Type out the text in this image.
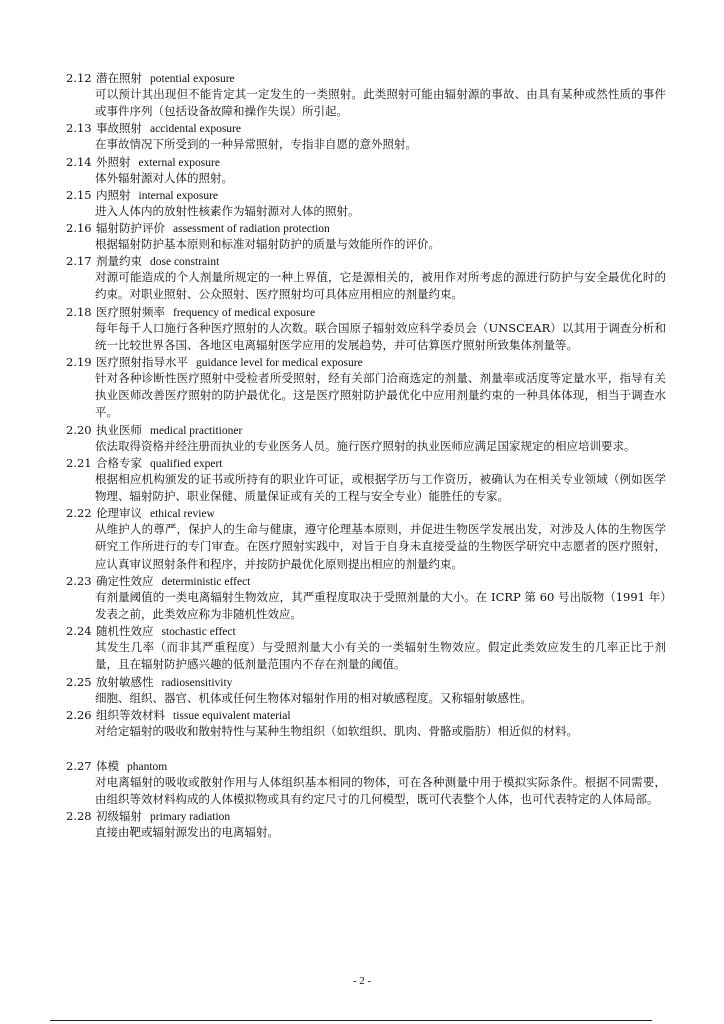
2.12 潜在照射 potential exposure
可以预计其出现但不能肯定其一定发生的一类照射。此类照射可能由辐射源的事故、由具有某种或然性质的事件或事件序列（包括设备故障和操作失误）所引起。
2.13 事故照射 accidental exposure
在事故情况下所受到的一种异常照射，专指非自愿的意外照射。
2.14 外照射 external exposure
体外辐射源对人体的照射。
2.15 内照射 internal exposure
进入人体内的放射性核素作为辐射源对人体的照射。
2.16 辐射防护评价 assessment of radiation protection
根据辐射防护基本原则和标准对辐射防护的质量与效能所作的评价。
2.17 剂量约束 dose constraint
对源可能造成的个人剂量所规定的一种上界值，它是源相关的，被用作对所考虑的源进行防护与安全最优化时的约束。对职业照射、公众照射、医疗照射均可具体应用相应的剂量约束。
2.18 医疗照射频率 frequency of medical exposure
每年每千人口施行各种医疗照射的人次数。联合国原子辐射效应科学委员会（UNSCEAR）以其用于调查分析和统一比较世界各国、各地区电离辐射医学应用的发展趋势，并可估算医疗照射所致集体剂量等。
2.19 医疗照射指导水平 guidance level for medical exposure
针对各种诊断性医疗照射中受检者所受照射，经有关部门洽商选定的剂量、剂量率或活度等定量水平，指导有关执业医师改善医疗照射的防护最优化。这是医疗照射防护最优化中应用剂量约束的一种具体体现，相当于调查水平。
2.20 执业医师 medical practitioner
依法取得资格并经注册而执业的专业医务人员。施行医疗照射的执业医师应满足国家规定的相应培训要求。
2.21 合格专家 qualified expert
根据相应机构颁发的证书或所持有的职业许可证，或根据学历与工作资历，被确认为在相关专业领域（例如医学物理、辐射防护、职业保健、质量保证或有关的工程与安全专业）能胜任的专家。
2.22 伦理审议 ethical review
从维护人的尊严，保护人的生命与健康，遵守伦理基本原则，并促进生物医学发展出发，对涉及人体的生物医学研究工作所进行的专门审查。在医疗照射实践中，对旨于自身未直接受益的生物医学研究中志愿者的医疗照射，应认真审议照射条件和程序，并按防护最优化原则提出相应的剂量约束。
2.23 确定性效应 deterministic effect
有剂量阈值的一类电离辐射生物效应，其严重程度取决于受照剂量的大小。在 ICRP 第 60 号出版物（1991 年）发表之前，此类效应称为非随机性效应。
2.24 随机性效应 stochastic effect
其发生几率（而非其严重程度）与受照剂量大小有关的一类辐射生物效应。假定此类效应发生的几率正比于剂量，且在辐射防护感兴趣的低剂量范围内不存在剂量的阈值。
2.25 放射敏感性 radiosensitivity
细胞、组织、器官、机体或任何生物体对辐射作用的相对敏感程度。又称辐射敏感性。
2.26 组织等效材料 tissue equivalent material
对给定辐射的吸收和散射特性与某种生物组织（如软组织、肌肉、骨骼或脂肪）相近似的材料。
2.27 体模 phantom
对电离辐射的吸收或散射作用与人体组织基本相同的物体，可在各种测量中用于模拟实际条件。根据不同需要，由组织等效材料构成的人体模拟物或具有约定尺寸的几何模型，既可代表整个人体，也可代表特定的人体局部。
2.28 初级辐射 primary radiation
直接由靶或辐射源发出的电离辐射。
- 2 -
